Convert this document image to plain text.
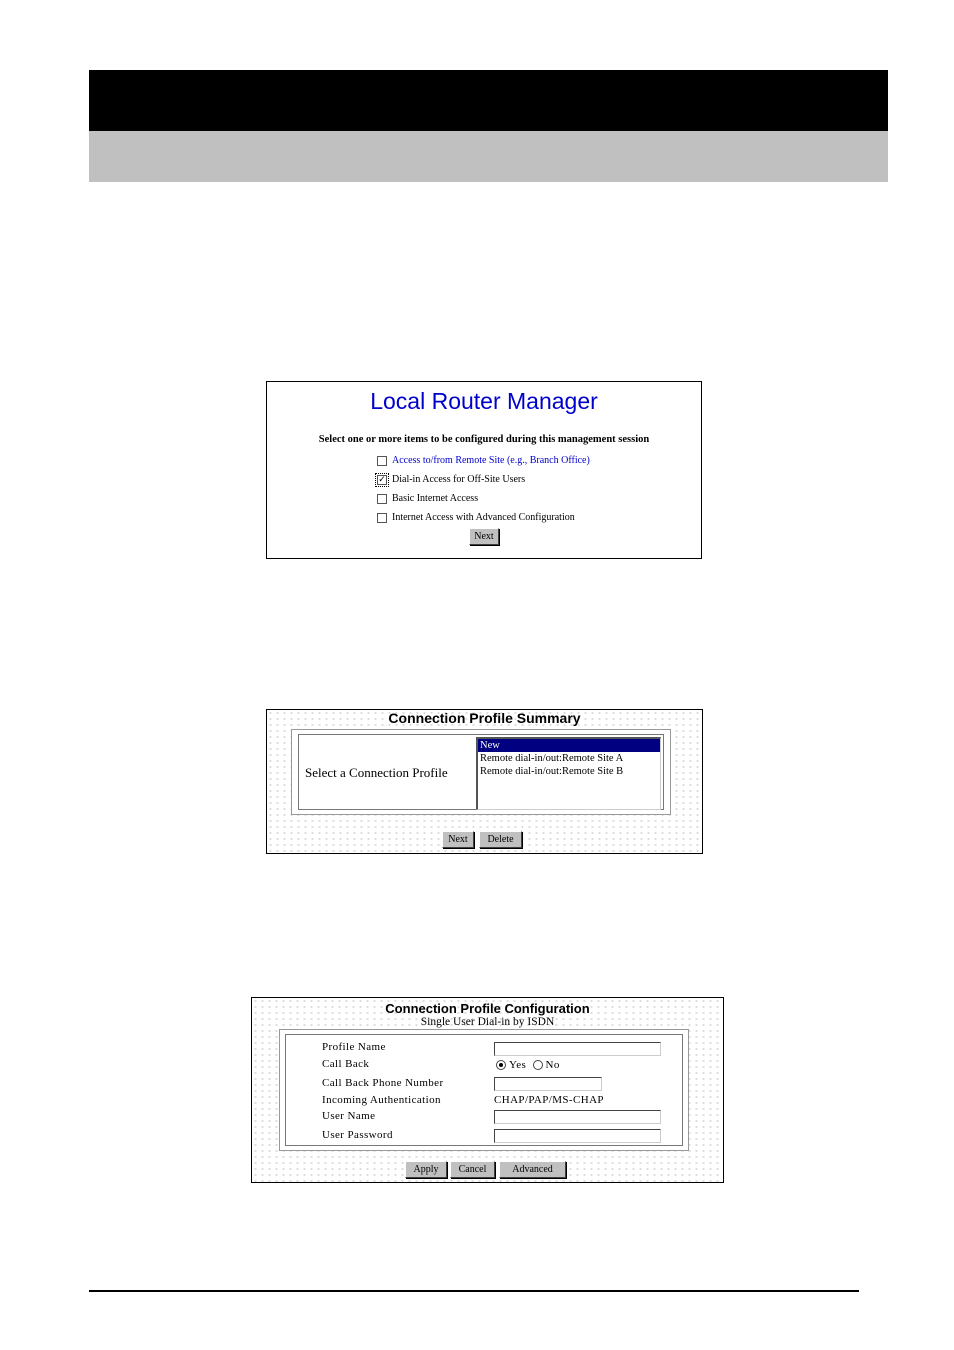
Local Router Manager
Select one or more items to be configured during this management session
Access to/from Remote Site (e.g., Branch Office)
✓ Dial-in Access for Off-Site Users
Basic Internet Access
Internet Access with Advanced Configuration
Next
Connection Profile Summary
Select a Connection Profile
New
Remote dial-in/out:Remote Site A
Remote dial-in/out:Remote Site B
Next	Delete
Connection Profile Configuration
Single User Dial-in by ISDN
Profile Name
Call Back	Yes No
Call Back Phone Number
Incoming Authentication	CHAP/PAP/MS-CHAP
User Name
User Password
Apply	Cancel	Advanced
